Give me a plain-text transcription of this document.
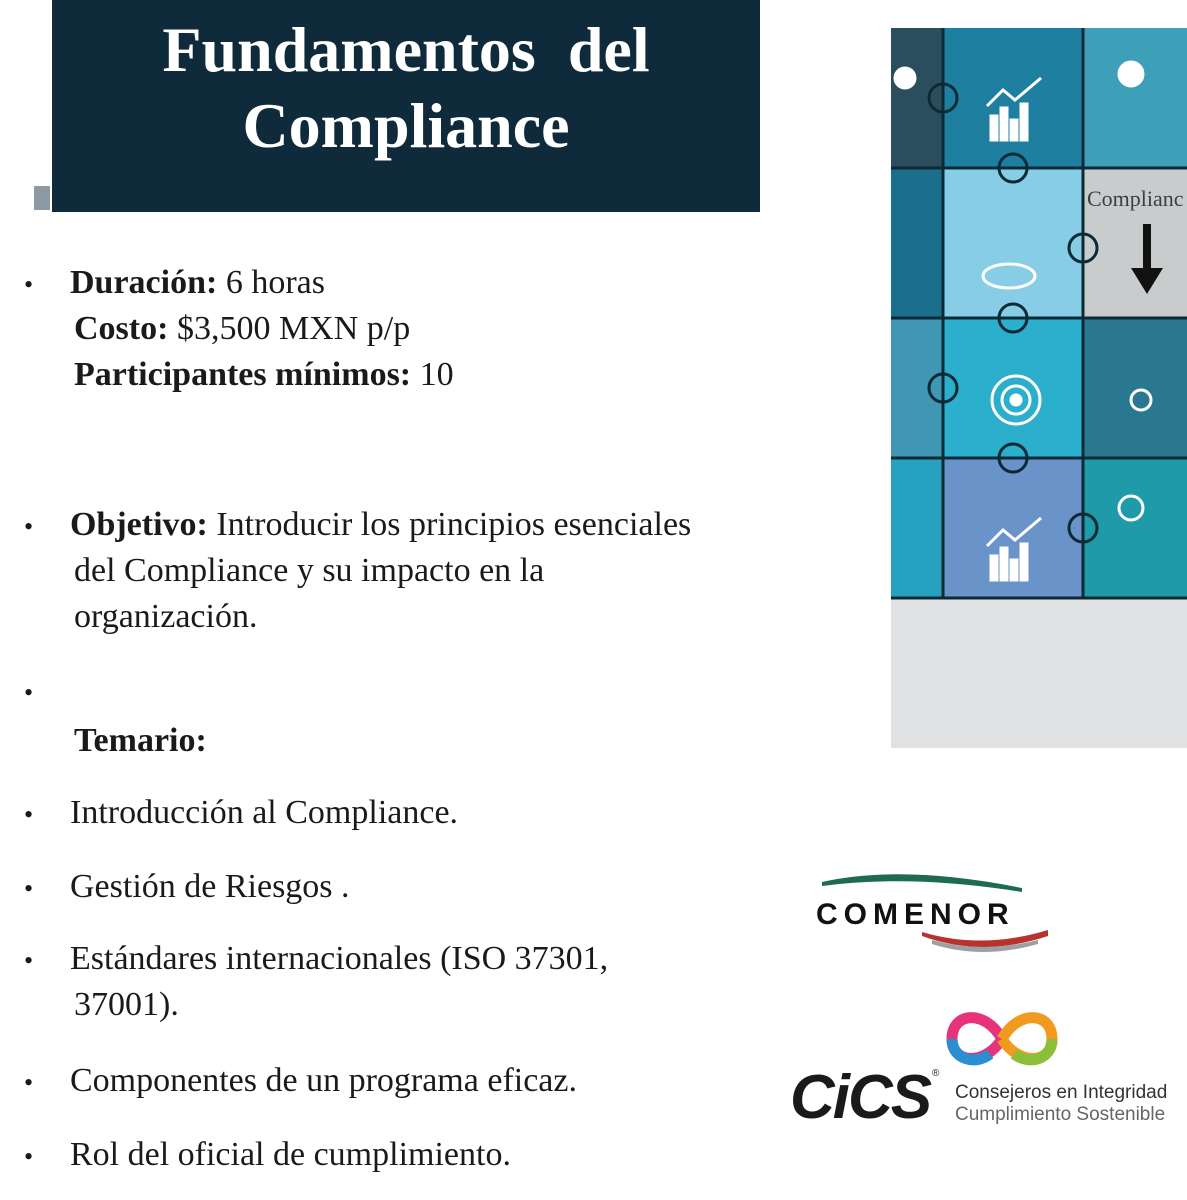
Fundamentos  del
Compliance
•	Duración: 6 horas
Costo: $3,500 MXN p/p
Participantes mínimos: 10
•	Objetivo: Introducir los principios esenciales
del Compliance y su impacto en la
organización.
•
Temario:
•	Introducción al Compliance.
•	Gestión de Riesgos .
•	Estándares internacionales (ISO 37301,
37001).
•	Componentes de un programa eficaz.
•	Rol del oficial de cumplimiento.
Complianc
COMENOR
CiCS ®
Consejeros en Integridad
Cumplimiento Sostenible
